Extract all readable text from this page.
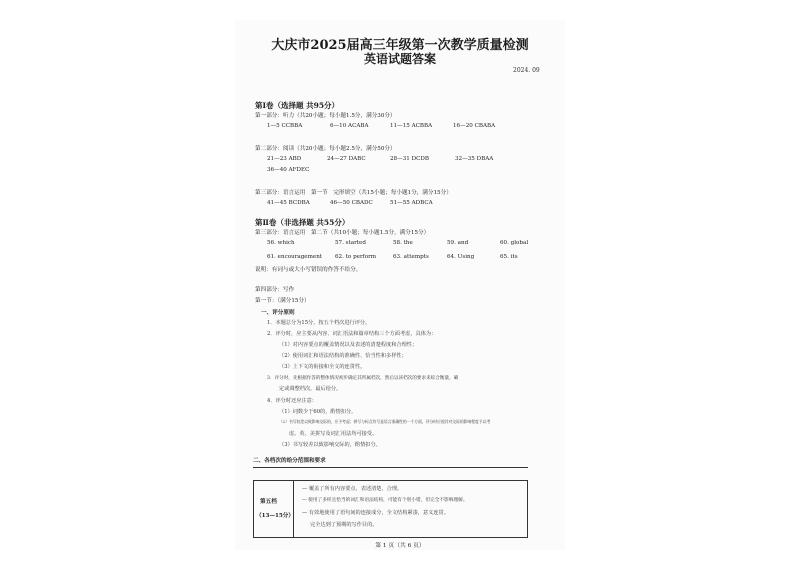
大庆市2025届高三年级第一次教学质量检测
英语试题答案
2024. 09
第Ⅰ卷（选择题 共95分）
第一部分：听力（共20小题；每小题1.5分，满分30分）
1—5 CCBBA	6—10 ACABA	11—15 ACBBA	16—20 CBABA
第二部分：阅读（共20小题；每小题2.5分，满分50分）
21—23 ABD	24—27 DABC	28—31 DCDB	32—35 DBAA
36—40 AFDEC
第三部分：语言运用　第一节　完形填空（共15小题；每小题1分，满分15分）
41—45 BCDBA	46—50 CBADC	51—55 ADBCA
第Ⅱ卷（非选择题 共55分）
第三部分：语言运用　第二节（共10小题；每小题1.5分，满分15分）
56. which	57. started	58. the	59. and	60. global
61. encouragement 62. to perform	63. attempts	64. Using	65. its
说明：有词与或大小写错误的作答不给分。
第四部分：写作
第一节：（满分15分）
一、评分原则
1．本题总分为15分，按五个档次进行评分。
2．评分时，应主要从内容、词汇语法和篇章结构三个方面考虑，具体为：
（1）对内容要点的覆盖情况以及表述的清楚程度和合理性；
（2）使用词汇和语法结构的准确性、恰当性和多样性；
（3）上下文的衔接和全文的连贯性。
3．评分时，先根据作答的整体情况初步确定其所属档次，然后以该档次的要求来综合衡量，确
定或调整档次，最后给分。
4．评分时还应注意：
（1）词数少于60的，酌情扣分。
（2）书写较差以致影响交际的，应予考虑；拼写与标点符号是语言准确性的一个方面，评分时应视其对交际的影响程度予以考
虑。英、美拼写及词汇用法均可接受。
（3）书写较差以致影响交际的，酌情扣分。
二、各档次的给分范围和要求
第五档
（13—15分）
— 覆盖了所有内容要点，表述清楚、合理。
— 使用了多样且恰当的词汇和语法结构，可能有个别小错，但完全不影响理解。
— 有效地使用了语句间的连接成分，全文结构紧凑，意义连贯。
完全达到了预期的写作目的。
第 1 页（共 6 页）
